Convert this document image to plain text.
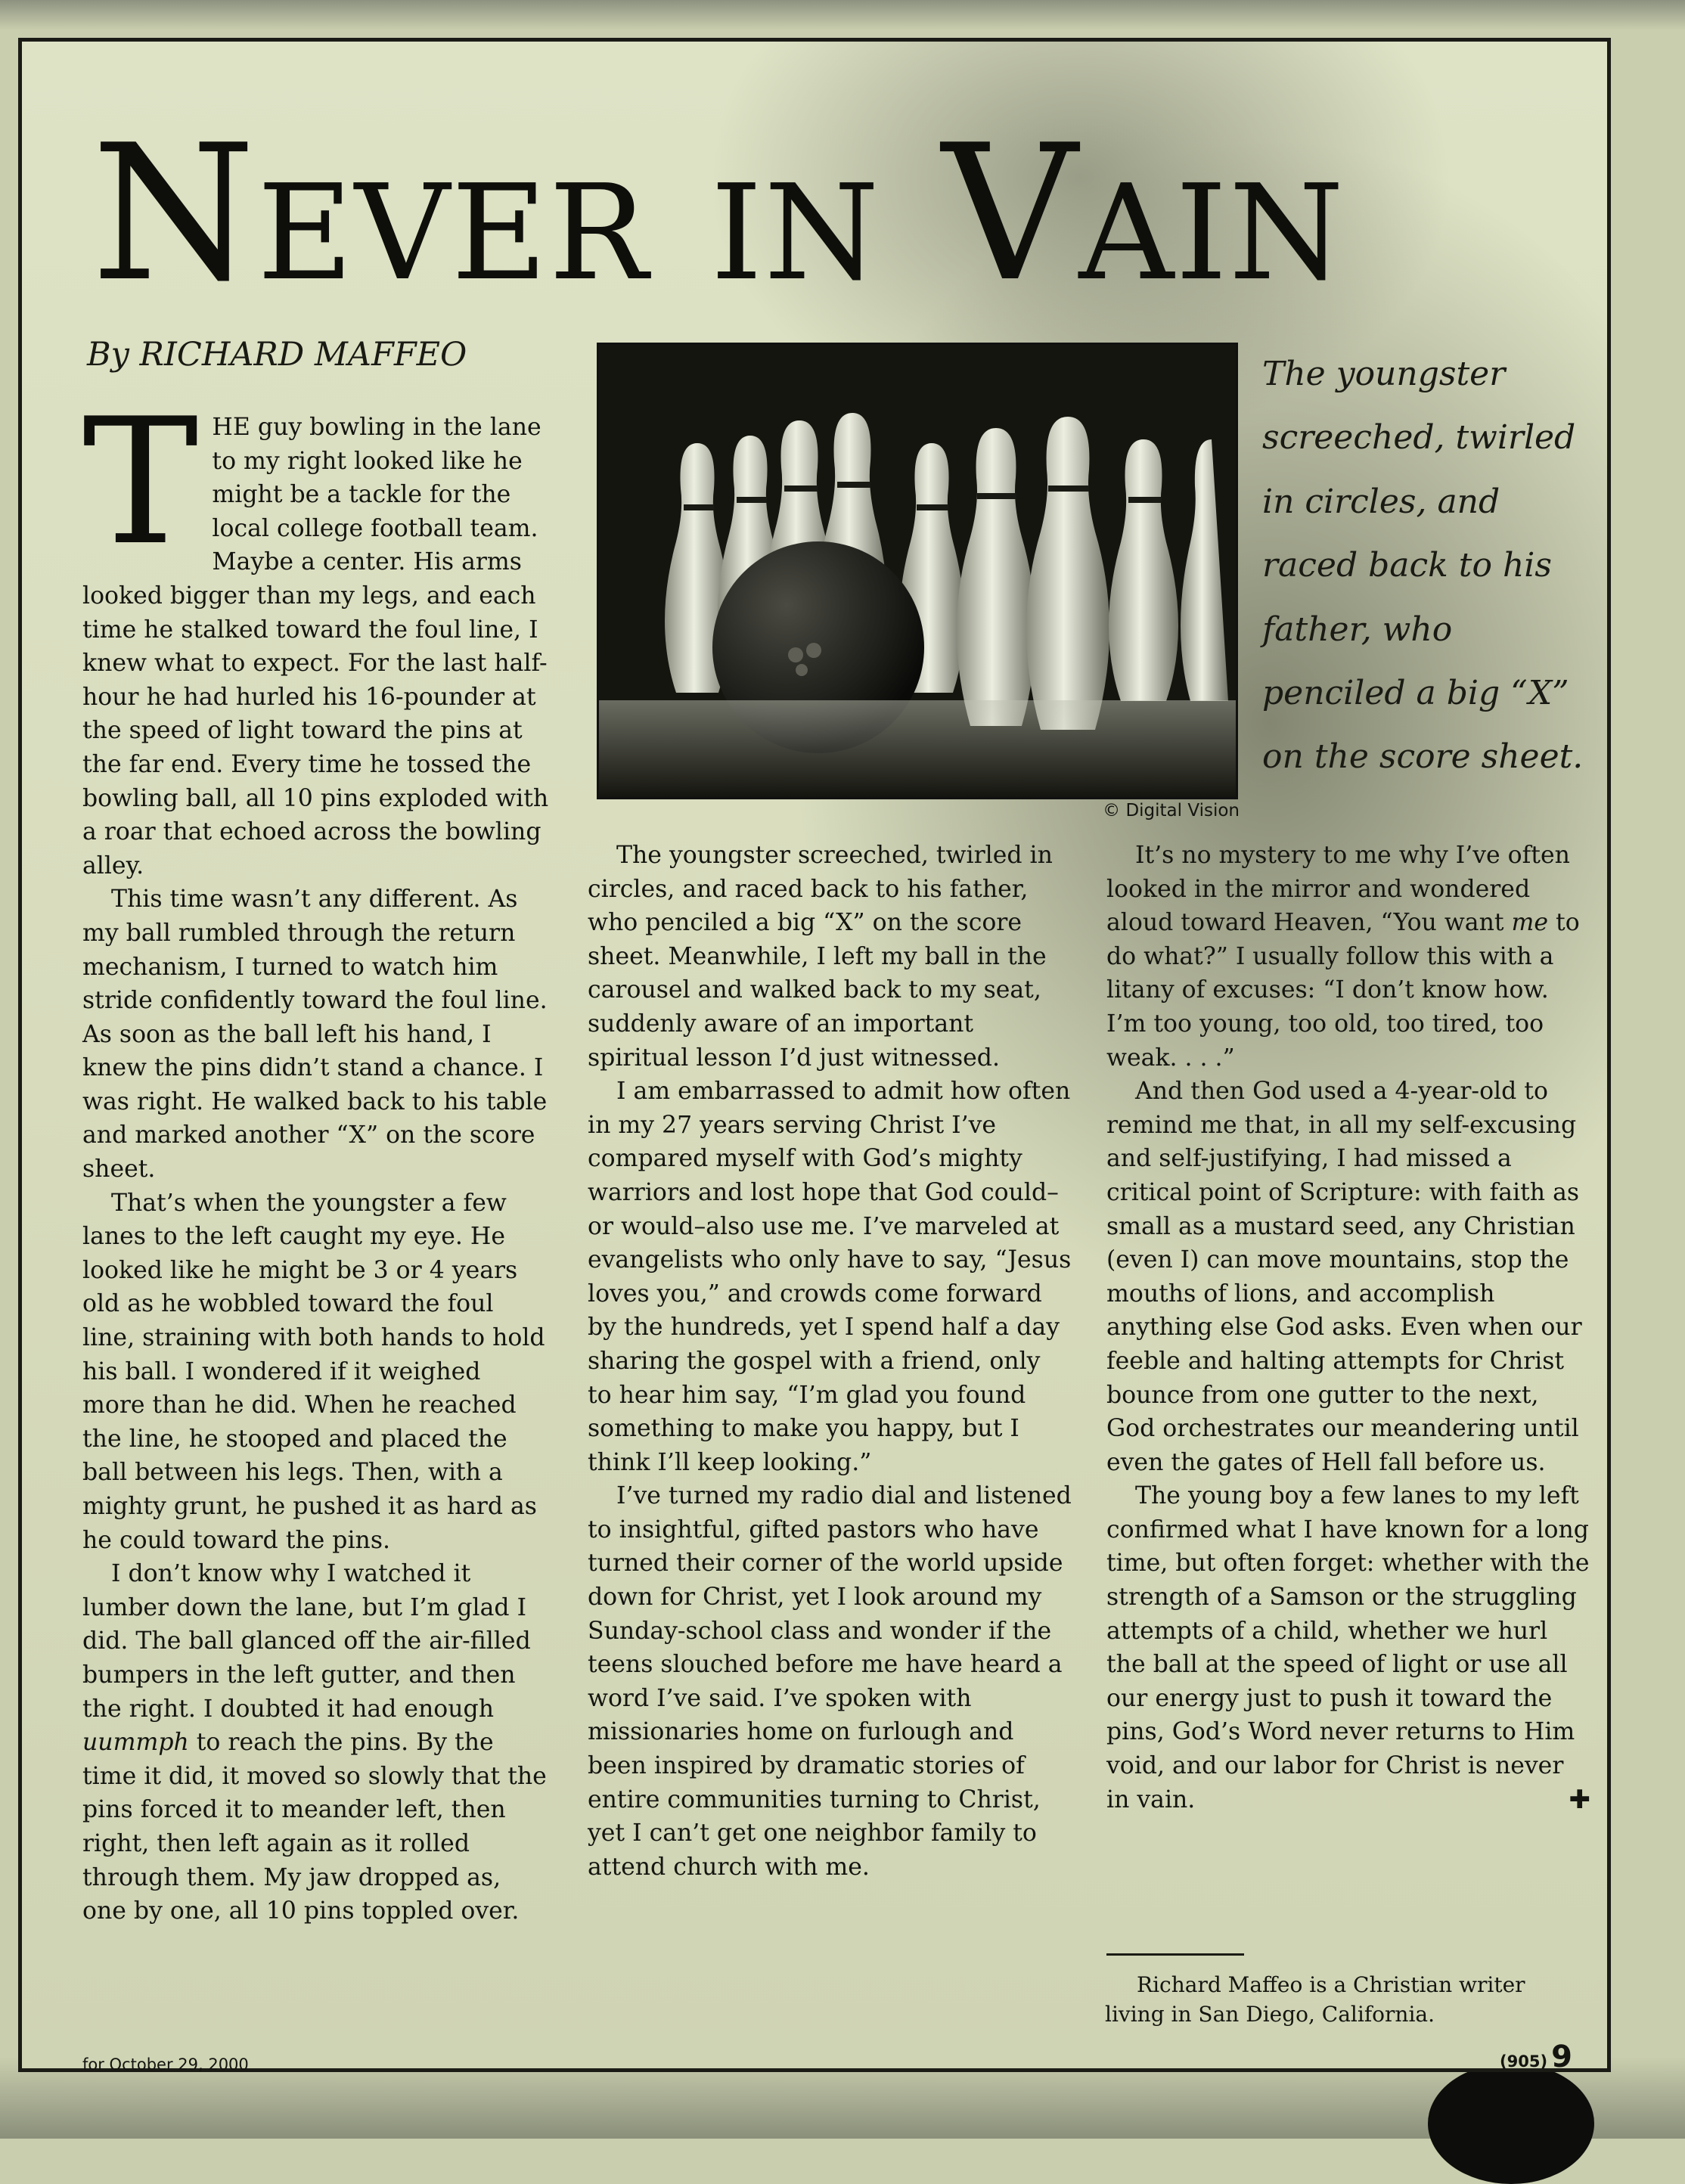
Never in Vain
By RICHARD MAFFEO
T HE guy bowling in the lane to my right looked like he might be a tackle for the local college football team. Maybe a center. His arms looked bigger than my legs, and each time he stalked toward the foul line, I knew what to expect. For the last half-hour he had hurled his 16-pounder at the speed of light toward the pins at the far end. Every time he tossed the bowling ball, all 10 pins exploded with a roar that echoed across the bowling alley.

This time wasn’t any different. As my ball rumbled through the return mechanism, I turned to watch him stride confidently toward the foul line. As soon as the ball left his hand, I knew the pins didn’t stand a chance. I was right. He walked back to his table and marked another “X” on the score sheet.

That’s when the youngster a few lanes to the left caught my eye. He looked like he might be 3 or 4 years old as he wobbled toward the foul line, straining with both hands to hold his ball. I wondered if it weighed more than he did. When he reached the line, he stooped and placed the ball between his legs. Then, with a mighty grunt, he pushed it as hard as he could toward the pins.

I don’t know why I watched it lumber down the lane, but I’m glad I did. The ball glanced off the air-filled bumpers in the left gutter, and then the right. I doubted it had enough uummph to reach the pins. By the time it did, it moved so slowly that the pins forced it to meander left, then right, then left again as it rolled through them. My jaw dropped as, one by one, all 10 pins toppled over.

© Digital Vision
The youngster screeched, twirled in circles, and raced back to his father, who penciled a big “X” on the score sheet.

The youngster screeched, twirled in circles, and raced back to his father, who penciled a big “X” on the score sheet. Meanwhile, I left my ball in the carousel and walked back to my seat, suddenly aware of an important spiritual lesson I’d just witnessed.

I am embarrassed to admit how often in my 27 years serving Christ I’ve compared myself with God’s mighty warriors and lost hope that God could–or would–also use me. I’ve marveled at evangelists who only have to say, “Jesus loves you,” and crowds come forward by the hundreds, yet I spend half a day sharing the gospel with a friend, only to hear him say, “I’m glad you found something to make you happy, but I think I’ll keep looking.”

I’ve turned my radio dial and listened to insightful, gifted pastors who have turned their corner of the world upside down for Christ, yet I look around my Sunday-school class and wonder if the teens slouched before me have heard a word I’ve said. I’ve spoken with missionaries home on furlough and been inspired by dramatic stories of entire communities turning to Christ, yet I can’t get one neighbor family to attend church with me.

It’s no mystery to me why I’ve often looked in the mirror and wondered aloud toward Heaven, “You want me to do what?” I usually follow this with a litany of excuses: “I don’t know how. I’m too young, too old, too tired, too weak. . . .”

And then God used a 4-year-old to remind me that, in all my self-excusing and self-justifying, I had missed a critical point of Scripture: with faith as small as a mustard seed, any Christian (even I) can move mountains, stop the mouths of lions, and accomplish anything else God asks. Even when our feeble and halting attempts for Christ bounce from one gutter to the next, God orchestrates our meandering until even the gates of Hell fall before us.

The young boy a few lanes to my left confirmed what I have known for a long time, but often forget: whether with the strength of a Samson or the struggling attempts of a child, whether we hurl the ball at the speed of light or use all our energy just to push it toward the pins, God’s Word never returns to Him void, and our labor for Christ is never in vain.	✚

Richard Maffeo is a Christian writer living in San Diego, California.
for October 29, 2000	(905) 9
